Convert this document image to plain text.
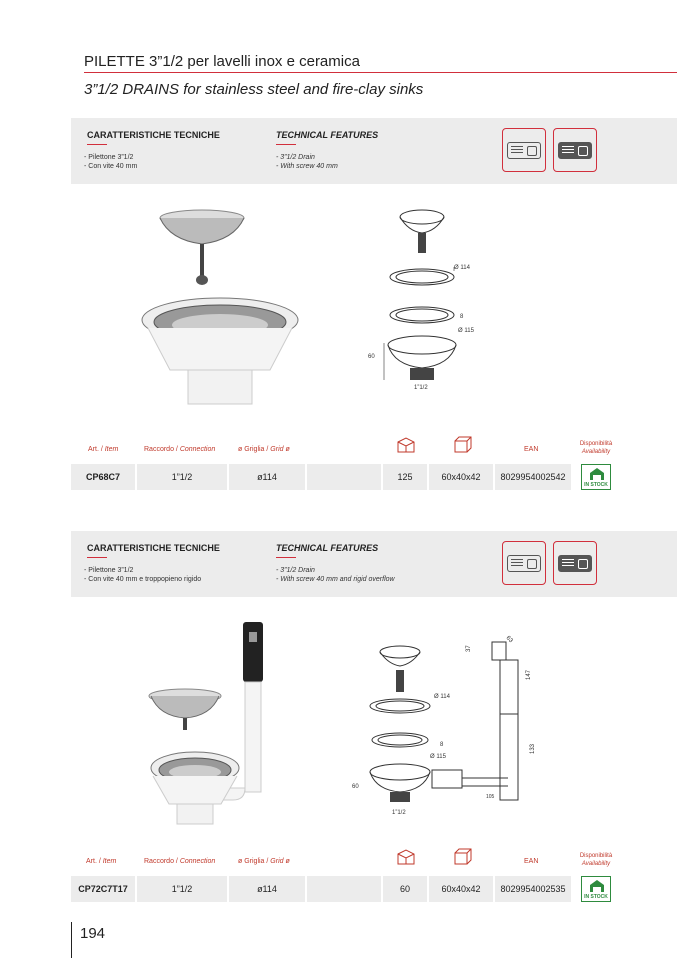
PILETTE 3”1/2 per lavelli inox e ceramica
3”1/2 DRAINS for stainless steel and fire-clay sinks
CARATTERISTICHE TECNICHE
- Pilettone 3”1/2
- Con vite 40 mm
TECHNICAL FEATURES
- 3”1/2 Drain
- With screw 40 mm
Ø 114
8
Ø 115
60
1”1/2
Art. / Item	Raccordo / Connection	ø Griglia / Grid ø	EAN
Disponibilità
Availability
CP68C7	1”1/2	ø114	125	60x40x42	8029954002542
IN STOCK
CARATTERISTICHE TECNICHE
- Pilettone 3”1/2
- Con vite 40 mm e troppopieno rigido
TECHNICAL FEATURES
- 3”1/2 Drain
- With screw 40 mm and rigid overflow
37
63
147
133
105
Ø 114
8
Ø 115
60
1”1/2
Art. / Item	Raccordo / Connection	ø Griglia / Grid ø	EAN
Disponibilità
Availability
CP72C7T17	1”1/2	ø114	60	60x40x42	8029954002535
IN STOCK
194
